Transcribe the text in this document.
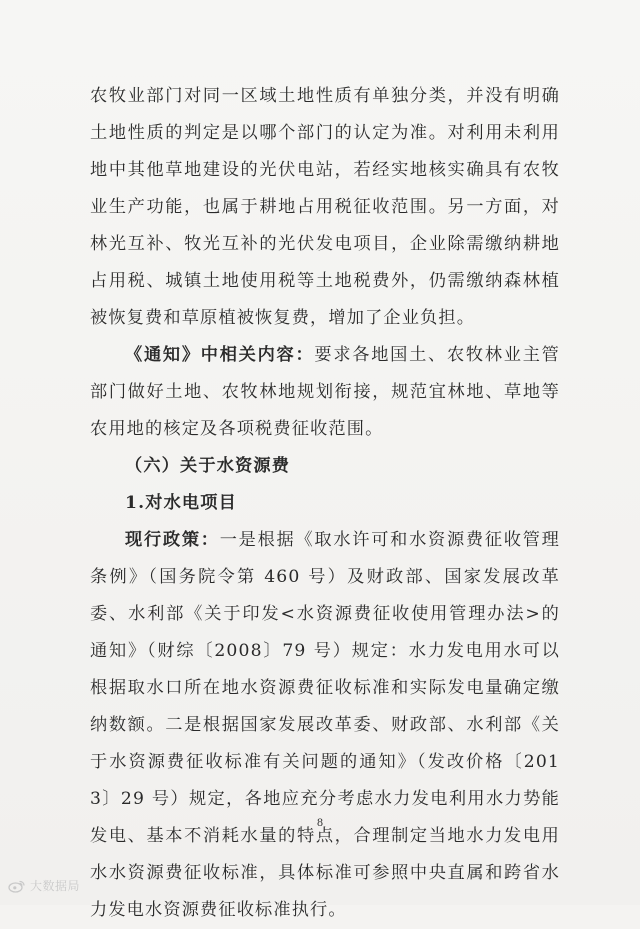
农牧业部门对同一区域土地性质有单独分类，并没有明确土地性质的判定是以哪个部门的认定为准。对利用未利用地中其他草地建设的光伏电站，若经实地核实确具有农牧业生产功能，也属于耕地占用税征收范围。另一方面，对林光互补、牧光互补的光伏发电项目，企业除需缴纳耕地占用税、城镇土地使用税等土地税费外，仍需缴纳森林植被恢复费和草原植被恢复费，增加了企业负担。

《通知》中相关内容：要求各地国土、农牧林业主管部门做好土地、农牧林地规划衔接，规范宜林地、草地等农用地的核定及各项税费征收范围。

（六）关于水资源费

1.对水电项目

现行政策：一是根据《取水许可和水资源费征收管理条例》（国务院令第 460 号）及财政部、国家发展改革委、水利部《关于印发<水资源费征收使用管理办法>的通知》（财综〔2008〕79 号）规定：水力发电用水可以根据取水口所在地水资源费征收标准和实际发电量确定缴纳数额。二是根据国家发展改革委、财政部、水利部《关于水资源费征收标准有关问题的通知》（发改价格〔2013〕29 号）规定，各地应充分考虑水力发电利用水力势能发电、基本不消耗水量的特点，合理制定当地水力发电用水水资源费征收标准，具体标准可参照中央直属和跨省水力发电水资源费征收标准执行。

8
大数据局
